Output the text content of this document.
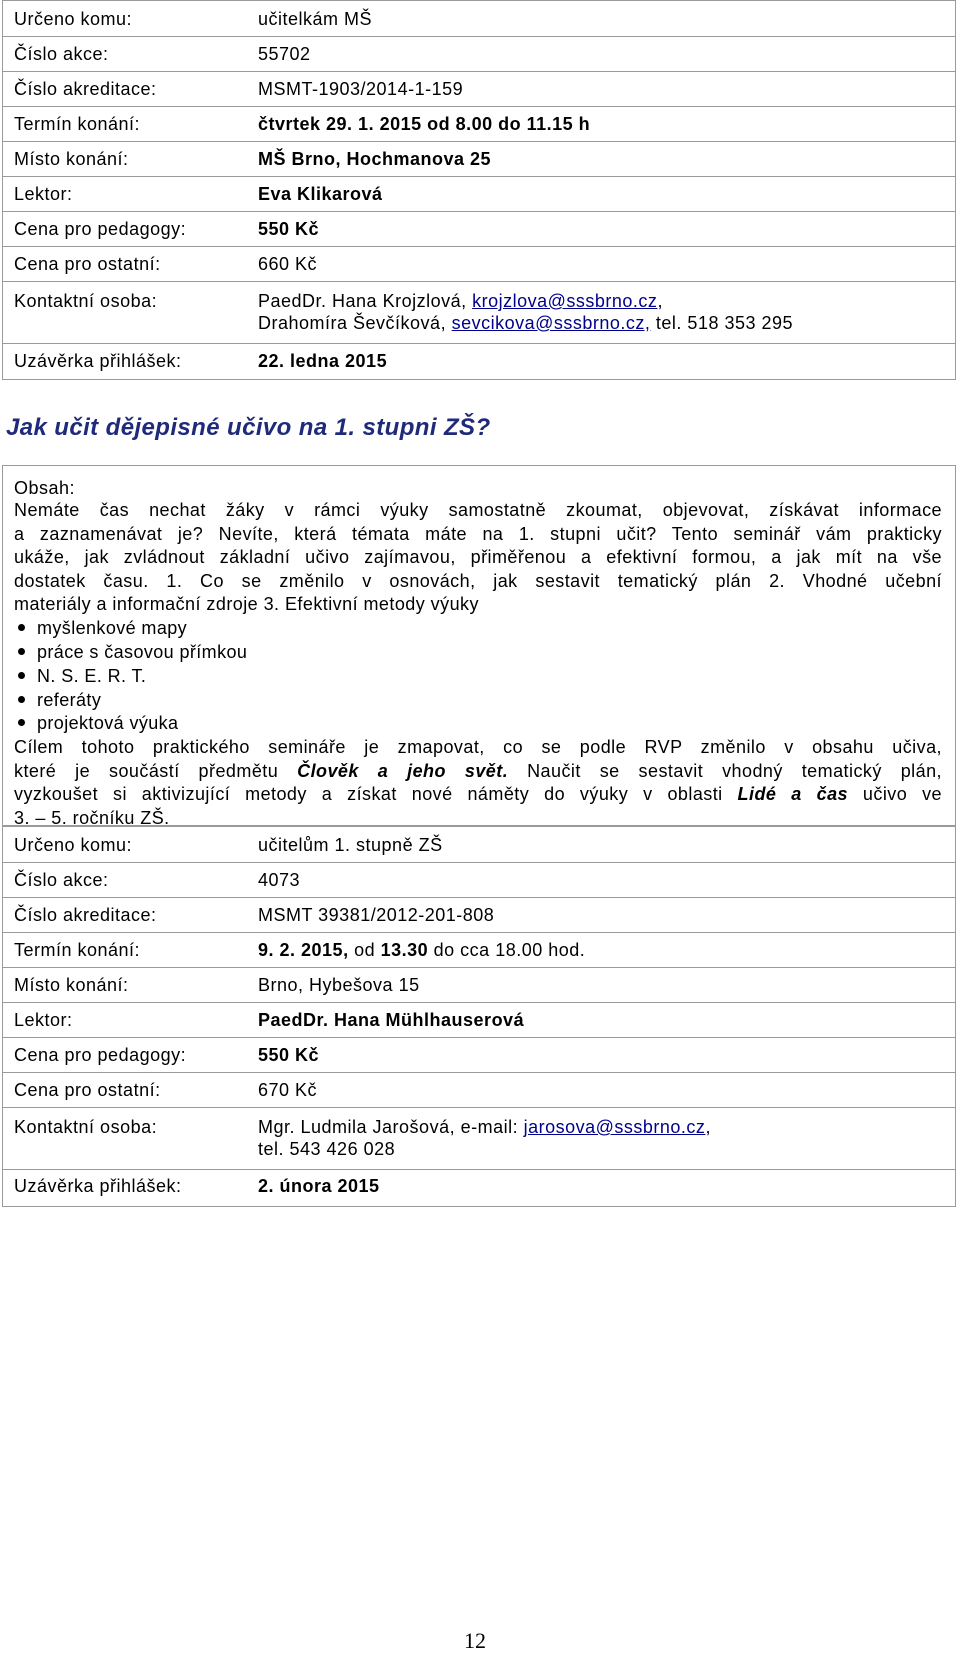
Určeno komu:	učitelkám MŠ
Číslo akce:	55702
Číslo akreditace:	MSMT-1903/2014-1-159
Termín konání:	čtvrtek 29. 1. 2015 od 8.00 do 11.15 h
Místo konání:	MŠ Brno, Hochmanova 25
Lektor:	Eva Klikarová
Cena pro pedagogy:	550 Kč
Cena pro ostatní:	660 Kč
Kontaktní osoba:	PaedDr. Hana Krojzlová, krojzlova@sssbrno.cz,
Drahomíra Ševčíková, sevcikova@sssbrno.cz, tel. 518 353 295
Uzávěrka přihlášek:	22. ledna 2015
Jak učit dějepisné učivo na 1. stupni ZŠ?
Obsah:
Nemáte čas nechat žáky v rámci výuky samostatně zkoumat, objevovat, získávat informace
a zaznamenávat je? Nevíte, která témata máte na 1. stupni učit? Tento seminář vám prakticky
ukáže, jak zvládnout základní učivo zajímavou, přiměřenou a efektivní formou, a jak mít na vše
dostatek času. 1. Co se změnilo v osnovách, jak sestavit tematický plán 2. Vhodné učební
materiály a informační zdroje 3. Efektivní metody výuky
myšlenkové mapy
práce s časovou přímkou
N. S. E. R. T.
referáty
projektová výuka
Cílem tohoto praktického semináře je zmapovat, co se podle RVP změnilo v obsahu učiva,
které je součástí předmětu Člověk a jeho svět. Naučit se sestavit vhodný tematický plán,
vyzkoušet si aktivizující metody a získat nové náměty do výuky v oblasti Lidé a čas učivo ve
3. – 5. ročníku ZŠ.
Určeno komu:	učitelům 1. stupně ZŠ
Číslo akce:	4073
Číslo akreditace:	MSMT 39381/2012-201-808
Termín konání:	9. 2. 2015, od 13.30 do cca 18.00 hod.
Místo konání:	Brno, Hybešova 15
Lektor:	PaedDr. Hana Mühlhauserová
Cena pro pedagogy:	550 Kč
Cena pro ostatní:	670 Kč
Kontaktní osoba:	Mgr. Ludmila Jarošová, e-mail: jarosova@sssbrno.cz,
tel. 543 426 028
Uzávěrka přihlášek:	2. února 2015
12
